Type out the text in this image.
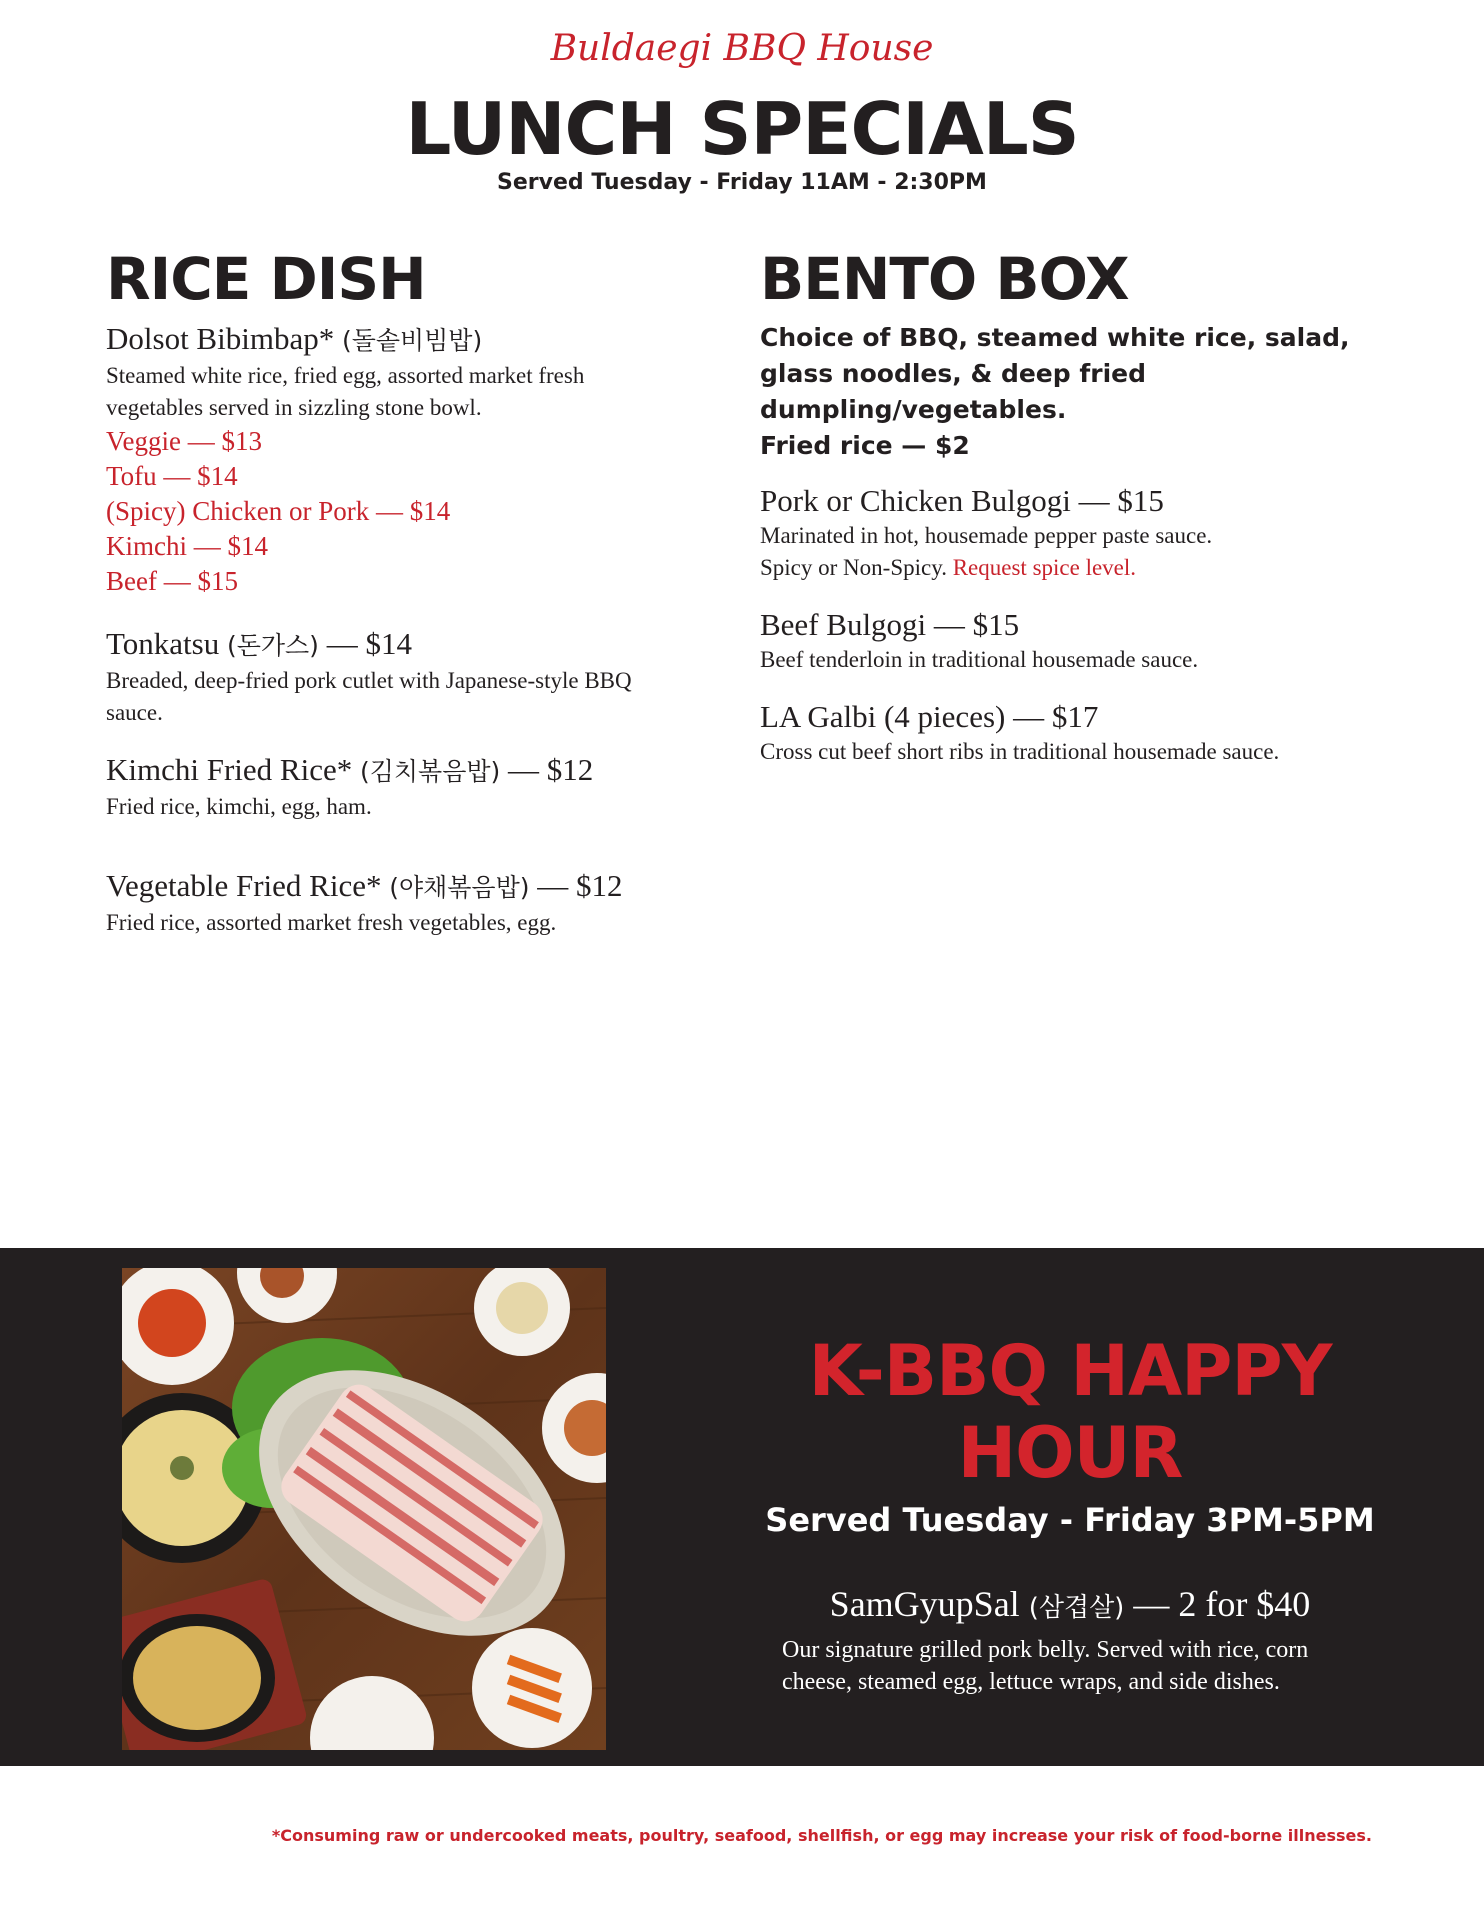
Buldaegi BBQ House
LUNCH SPECIALS
Served Tuesday - Friday 11AM - 2:30PM
RICE DISH
Dolsot Bibimbap* (돌솥비빔밥)
Steamed white rice, fried egg, assorted market fresh vegetables served in sizzling stone bowl.
Veggie — $13
Tofu — $14
(Spicy) Chicken or Pork — $14
Kimchi — $14
Beef — $15
Tonkatsu (돈가스) — $14
Breaded, deep-fried pork cutlet with Japanese-style BBQ sauce.
Kimchi Fried Rice* (김치볶음밥) — $12
Fried rice, kimchi, egg, ham.
Vegetable Fried Rice* (야채볶음밥) — $12
Fried rice, assorted market fresh vegetables, egg.
BENTO BOX
Choice of BBQ, steamed white rice, salad, glass noodles, & deep fried dumpling/vegetables.
Fried rice — $2
Pork or Chicken Bulgogi — $15
Marinated in hot, housemade pepper paste sauce.
Spicy or Non-Spicy. Request spice level.
Beef Bulgogi — $15
Beef tenderloin in traditional housemade sauce.
LA Galbi (4 pieces) — $17
Cross cut beef short ribs in traditional housemade sauce.
K-BBQ HAPPY HOUR
Served Tuesday - Friday 3PM-5PM
SamGyupSal (삼겹살) — 2 for $40
Our signature grilled pork belly. Served with rice, corn cheese, steamed egg, lettuce wraps, and side dishes.
*Consuming raw or undercooked meats, poultry, seafood, shellfish, or egg may increase your risk of food-borne illnesses.
